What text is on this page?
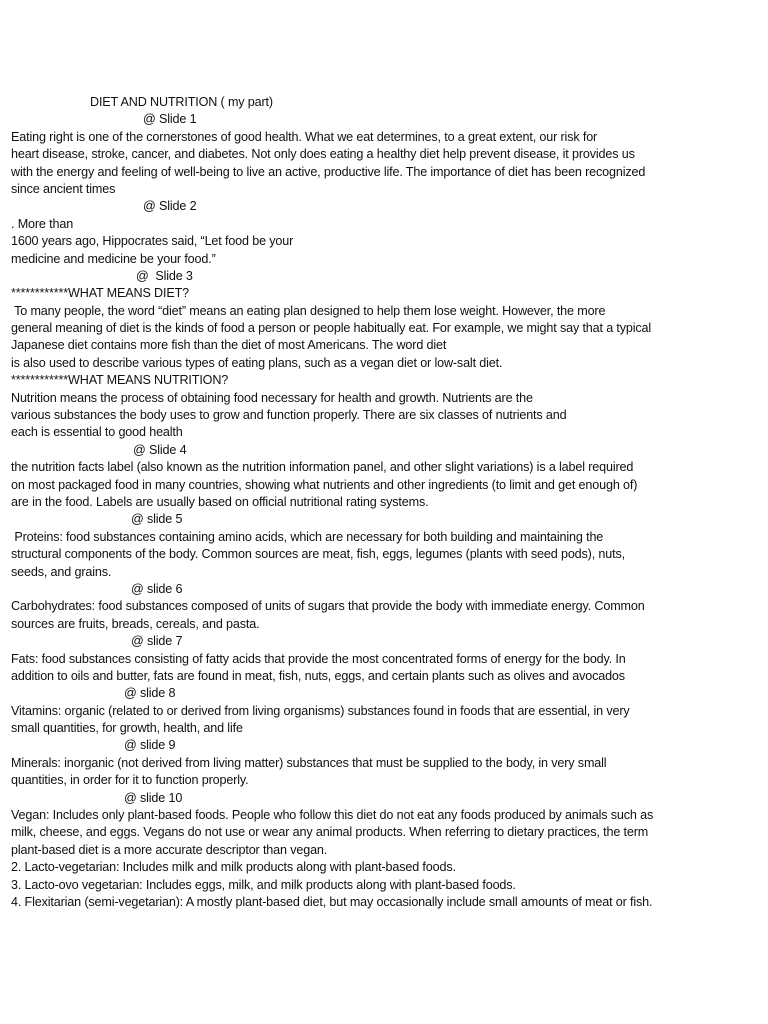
DIET AND NUTRITION ( my part)
@ Slide 1
Eating right is one of the cornerstones of good health. What we eat determines, to a great extent, our risk for
heart disease, stroke, cancer, and diabetes. Not only does eating a healthy diet help prevent disease, it provides us
with the energy and feeling of well-being to live an active, productive life. The importance of diet has been recognized
since ancient times
@ Slide 2
. More than
1600 years ago, Hippocrates said, “Let food be your
medicine and medicine be your food.”
@  Slide 3
************WHAT MEANS DIET?
To many people, the word “diet” means an eating plan designed to help them lose weight. However, the more
general meaning of diet is the kinds of food a person or people habitually eat. For example, we might say that a typical
Japanese diet contains more fish than the diet of most Americans. The word diet
is also used to describe various types of eating plans, such as a vegan diet or low-salt diet.
************WHAT MEANS NUTRITION?
Nutrition means the process of obtaining food necessary for health and growth. Nutrients are the
various substances the body uses to grow and function properly. There are six classes of nutrients and
each is essential to good health
@ Slide 4
the nutrition facts label (also known as the nutrition information panel, and other slight variations) is a label required
on most packaged food in many countries, showing what nutrients and other ingredients (to limit and get enough of)
are in the food. Labels are usually based on official nutritional rating systems.
@ slide 5
Proteins: food substances containing amino acids, which are necessary for both building and maintaining the
structural components of the body. Common sources are meat, fish, eggs, legumes (plants with seed pods), nuts,
seeds, and grains.
@ slide 6
Carbohydrates: food substances composed of units of sugars that provide the body with immediate energy. Common
sources are fruits, breads, cereals, and pasta.
@ slide 7
Fats: food substances consisting of fatty acids that provide the most concentrated forms of energy for the body. In
addition to oils and butter, fats are found in meat, fish, nuts, eggs, and certain plants such as olives and avocados
@ slide 8
Vitamins: organic (related to or derived from living organisms) substances found in foods that are essential, in very
small quantities, for growth, health, and life
@ slide 9
Minerals: inorganic (not derived from living matter) substances that must be supplied to the body, in very small
quantities, in order for it to function properly.
@ slide 10
Vegan: Includes only plant-based foods. People who follow this diet do not eat any foods produced by animals such as
milk, cheese, and eggs. Vegans do not use or wear any animal products. When referring to dietary practices, the term
plant-based diet is a more accurate descriptor than vegan.
2. Lacto-vegetarian: Includes milk and milk products along with plant-based foods.
3. Lacto-ovo vegetarian: Includes eggs, milk, and milk products along with plant-based foods.
4. Flexitarian (semi-vegetarian): A mostly plant-based diet, but may occasionally include small amounts of meat or fish.
